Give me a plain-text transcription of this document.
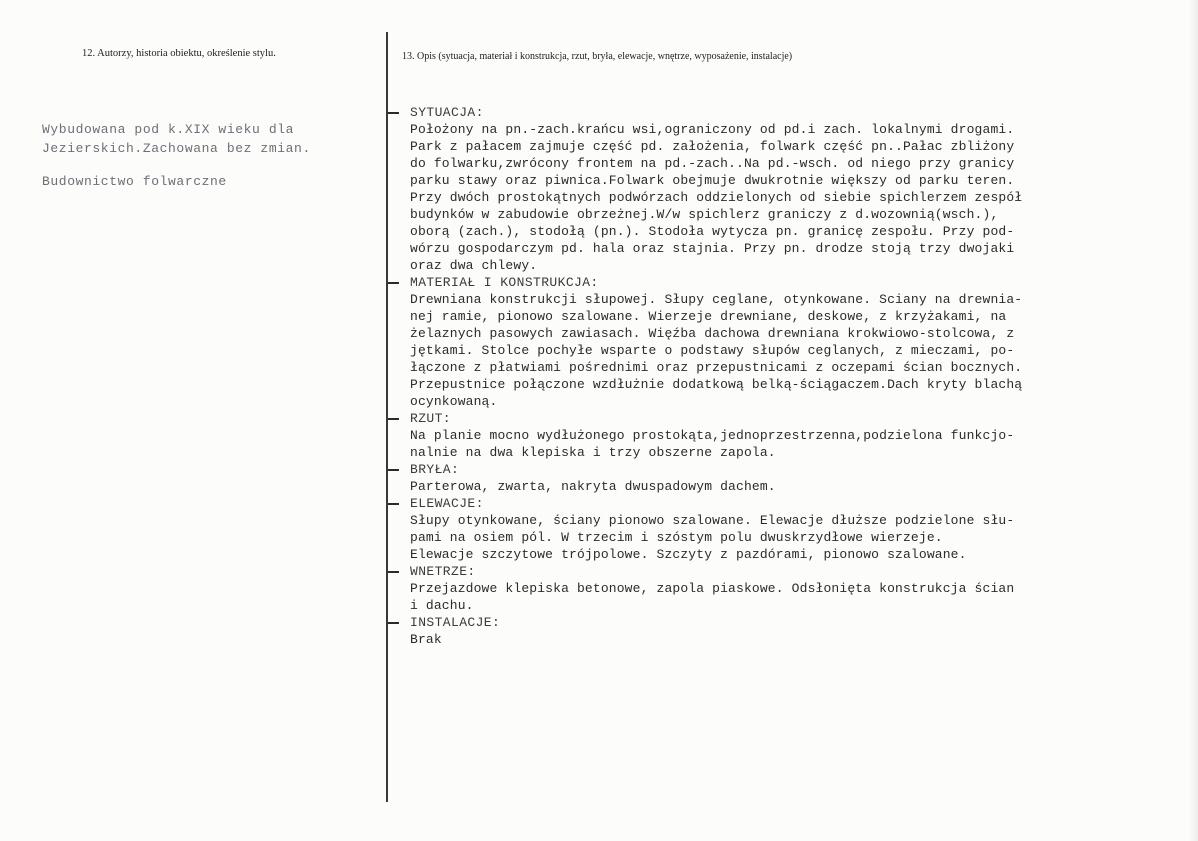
12. Autorzy, historia obiektu, określenie stylu.	13. Opis (sytuacja, materiał i konstrukcja, rzut, bryła, elewacje, wnętrze, wyposażenie, instalacje)
Wybudowana pod k.XIX wieku dla
Jezierskich.Zachowana bez zmian.
Budownictwo folwarczne
SYTUACJA:
Położony na pn.-zach.krańcu wsi,ograniczony od pd.i zach. lokalnymi drogami.
Park z pałacem zajmuje część pd. założenia, folwark część pn..Pałac zbliżony
do folwarku,zwrócony frontem na pd.-zach..Na pd.-wsch. od niego przy granicy
parku stawy oraz piwnica.Folwark obejmuje dwukrotnie większy od parku teren.
Przy dwóch prostokątnych podwórzach oddzielonych od siebie spichlerzem zespół
budynków w zabudowie obrzeżnej.W/w spichlerz graniczy z d.wozownią(wsch.),
oborą (zach.), stodołą (pn.). Stodoła wytycza pn. granicę zespołu. Przy pod-
wórzu gospodarczym pd. hala oraz stajnia. Przy pn. drodze stoją trzy dwojaki
oraz dwa chlewy.
MATERIAŁ I KONSTRUKCJA:
Drewniana konstrukcji słupowej. Słupy ceglane, otynkowane. Sciany na drewnia-
nej ramie, pionowo szalowane. Wierzeje drewniane, deskowe, z krzyżakami, na
żelaznych pasowych zawiasach. Więźba dachowa drewniana krokwiowo-stolcowa, z
jętkami. Stolce pochyłe wsparte o podstawy słupów ceglanych, z mieczami, po-
łączone z płatwiami pośrednimi oraz przepustnicami z oczepami ścian bocznych.
Przepustnice połączone wzdłużnie dodatkową belką-ściągaczem.Dach kryty blachą
ocynkowaną.
RZUT:
Na planie mocno wydłużonego prostokąta,jednoprzestrzenna,podzielona funkcjo-
nalnie na dwa klepiska i trzy obszerne zapola.
BRYŁA:
Parterowa, zwarta, nakryta dwuspadowym dachem.
ELEWACJE:
Słupy otynkowane, ściany pionowo szalowane. Elewacje dłuższe podzielone słu-
pami na osiem pól. W trzecim i szóstym polu dwuskrzydłowe wierzeje.
Elewacje szczytowe trójpolowe. Szczyty z pazdórami, pionowo szalowane.
WNETRZE:
Przejazdowe klepiska betonowe, zapola piaskowe. Odsłonięta konstrukcja ścian
i dachu.
INSTALACJE:
Brak
